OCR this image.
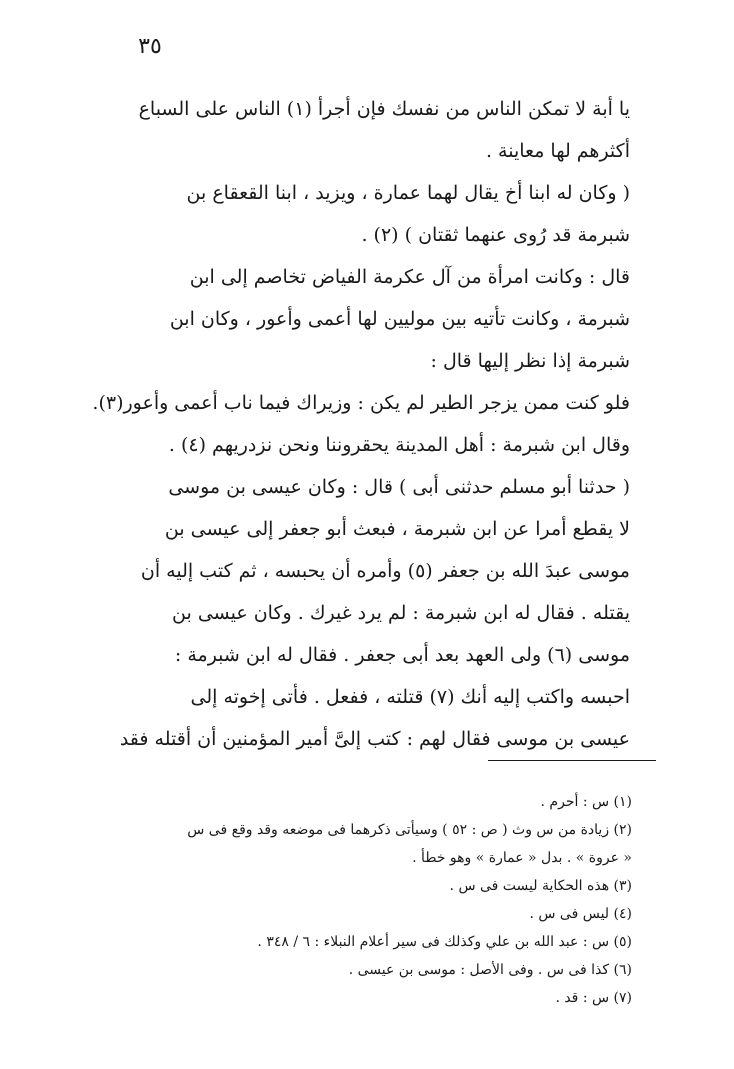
٣٥
يا أبة لا تمكن الناس من نفسك فإن أجرأ (١) الناس على السباع
أكثرهم لها معاينة .
( وكان له ابنا أخ يقال لهما عمارة ، ويزيد ، ابنا القعقاع بن
شبرمة قد رُوى عنهما ثقتان ) (٢) .
قال : وكانت امرأة من آل عكرمة الفياض تخاصم إلى ابن
شبرمة ، وكانت تأتيه بين موليين لها أعمى وأعور ، وكان ابن
شبرمة إذا نظر إليها قال :
فلو كنت ممن يزجر الطير لم يكن : وزيراك فيما ناب أعمى وأعور(٣).
وقال ابن شبرمة : أهل المدينة يحقروننا ونحن نزدريهم (٤) .
( حدثنا أبو مسلم حدثنى أبى ) قال : وكان عيسى بن موسى
لا يقطع أمرا عن ابن شبرمة ، فبعث أبو جعفر إلى عيسى بن
موسى عبدَ الله بن جعفر (٥) وأمره أن يحبسه ، ثم كتب إليه أن
يقتله . فقال له ابن شبرمة : لم يرد غيرك . وكان عيسى بن
موسى (٦) ولى العهد بعد أبى جعفر . فقال له ابن شبرمة :
احبسه واكتب إليه أنك (٧) قتلته ، ففعل . فأتى إخوته إلى
عيسى بن موسى فقال لهم : كتب إلىَّ أمير المؤمنين أن أقتله فقد
(١) س : أحرم .
(٢) زيادة من س وث ( ص : ٥٢ ) وسيأتى ذكرهما فى موضعه وقد وقع فى س
« عروة » . بدل « عمارة » وهو خطأ .
(٣) هذه الحكاية ليست فى س .
(٤) ليس فى س .
(٥) س : عبد الله بن علي وكذلك فى سير أعلام النبلاء : ٦ / ٣٤٨ .
(٦) كذا فى س . وفى الأصل : موسى بن عيسى .
(٧) س : قد .
